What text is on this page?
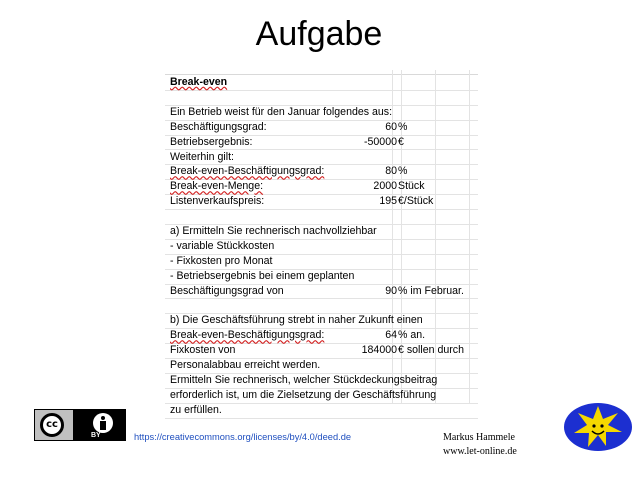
Aufgabe
Break-even
Ein Betrieb weist für den Januar folgendes aus:
Beschäftigungsgrad:	60 %
Betriebsergebnis:	-50000 €
Weiterhin gilt:
Break-even-Beschäftigungsgrad:	80 %
Break-even-Menge:	2000 Stück
Listenverkaufspreis:	195 €/Stück
a) Ermitteln Sie rechnerisch nachvollziehbar
- variable Stückkosten
- Fixkosten pro Monat
- Betriebsergebnis bei einem geplanten
Beschäftigungsgrad von	90 % im Februar.
b) Die Geschäftsführung strebt in naher Zukunft einen
Break-even-Beschäftigungsgrad:	64 % an.
Fixkosten von	184000 € sollen durch
Personalabbau erreicht werden.
Ermitteln Sie rechnerisch, welcher Stückdeckungsbeitrag
erforderlich ist, um die Zielsetzung der Geschäftsführung
zu erfüllen.
cc
BY	https://creativecommons.org/licenses/by/4.0/deed.de	Markus Hammele
www.let-online.de
